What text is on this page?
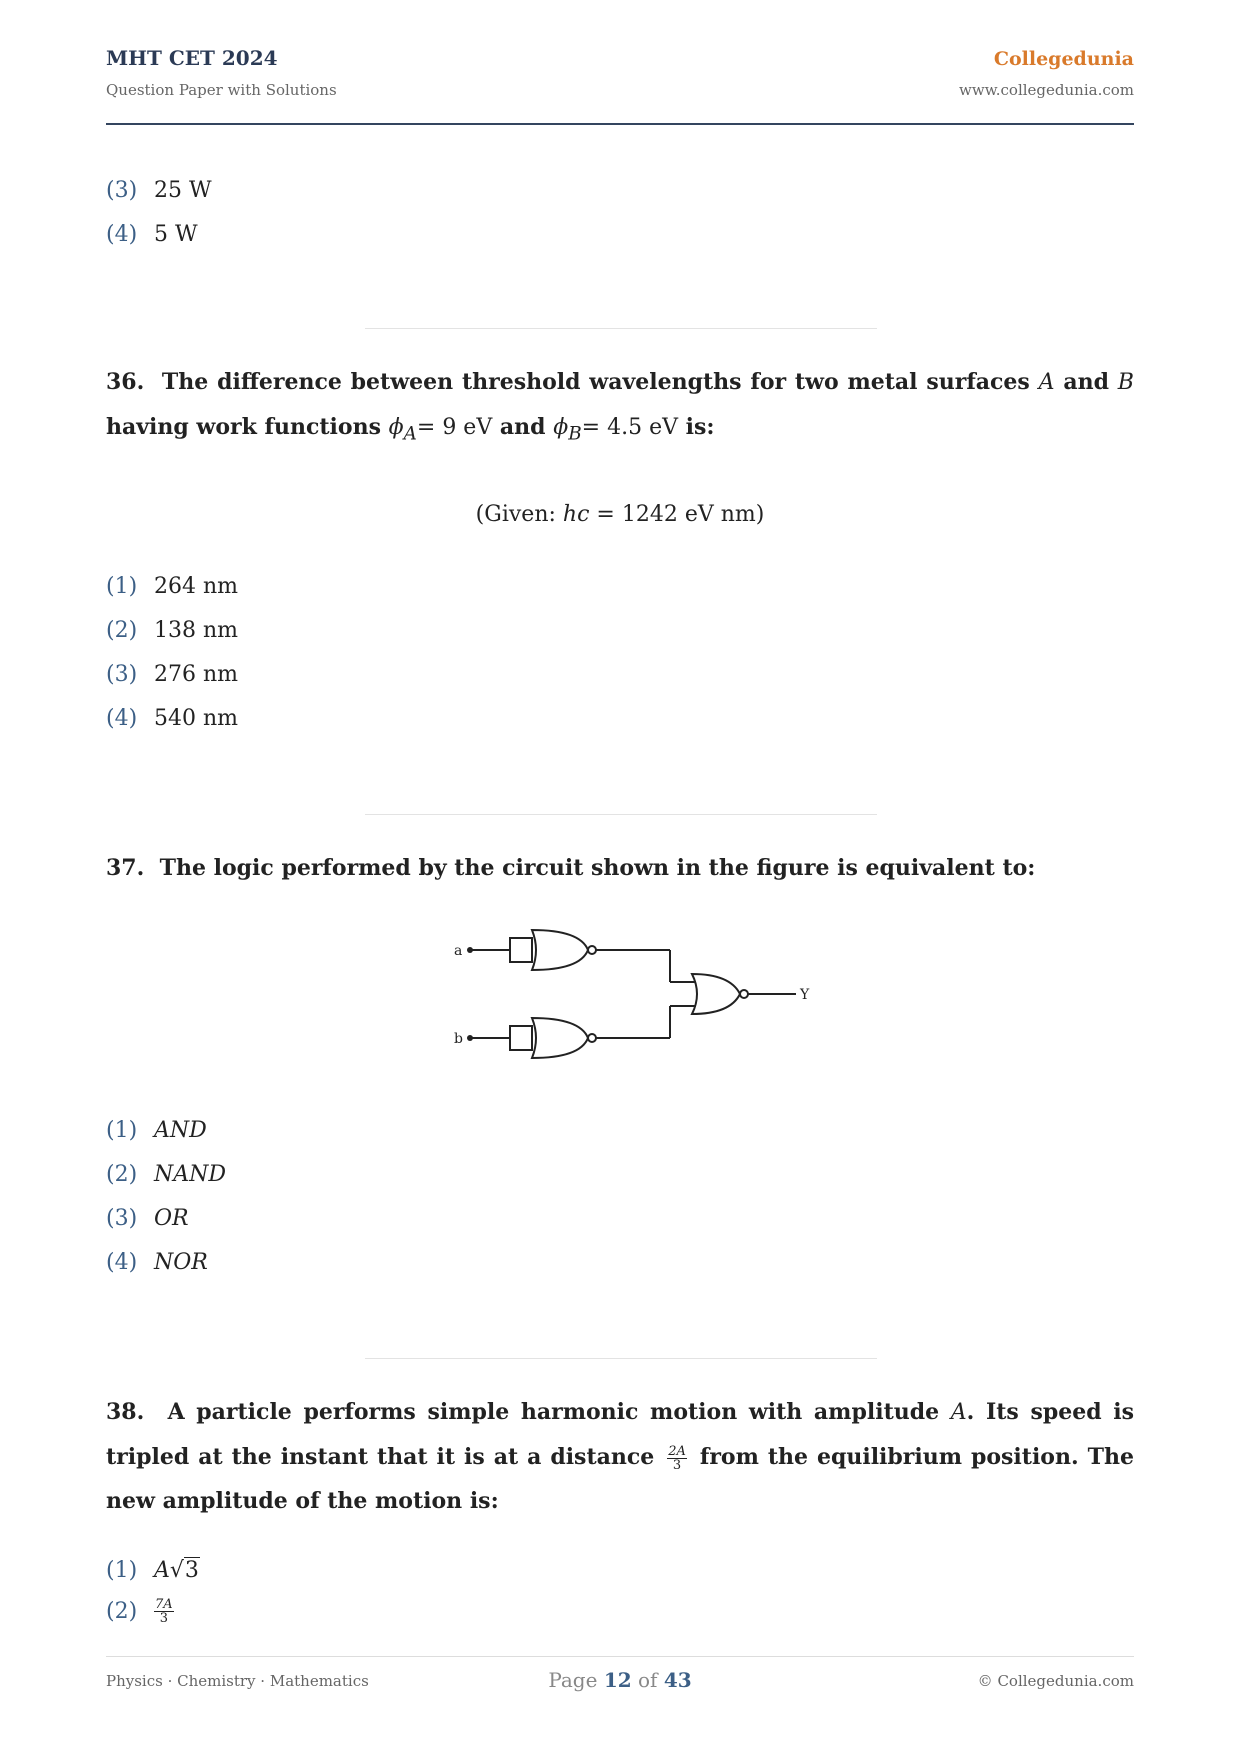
MHT CET 2024
Question Paper with Solutions
Collegedunia
www.collegedunia.com
(3) 25 W
(4) 5 W
36. The difference between threshold wavelengths for two metal surfaces A and B having work functions $\phi_A= 9$ eV and $\phi_B= 4.5$ eV is:
(Given: hc = 1242 eV nm)
(1) 264 nm
(2) 138 nm
(3) 276 nm
(4) 540 nm
37. The logic performed by the circuit shown in the figure is equivalent to:
a
b
Y
(1) AND
(2) NAND
(3) OR
(4) NOR
38. A particle performs simple harmonic motion with amplitude A. Its speed is tripled at the instant that it is at a distance $\frac{2A}{3}$ from the equilibrium position. The new amplitude of the motion is:
(1) A√3
$(2) \frac{7A}{3}$
Physics · Chemistry · Mathematics	Page 12 of 43	© Collegedunia.com
